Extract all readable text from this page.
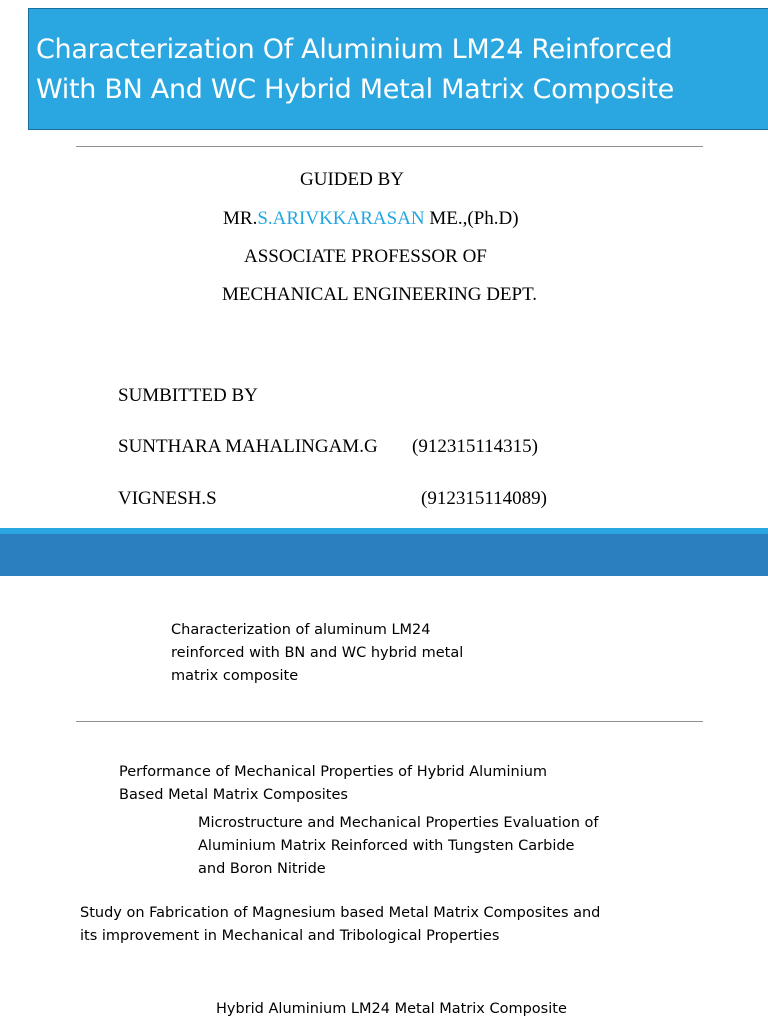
Characterization Of Aluminium LM24 Reinforced
With BN And WC Hybrid Metal Matrix Composite
GUIDED BY
MR.S.ARIVKKARASAN ME.,(Ph.D)
ASSOCIATE PROFESSOR OF
MECHANICAL ENGINEERING DEPT.
SUMBITTED BY
SUNTHARA MAHALINGAM.G (912315114315)
VIGNESH.S	(912315114089)
Characterization of aluminum LM24
reinforced with BN and WC hybrid metal
matrix composite
Performance of Mechanical Properties of Hybrid Aluminium
Based Metal Matrix Composites
Microstructure and Mechanical Properties Evaluation of
Aluminium Matrix Reinforced with Tungsten Carbide
and Boron Nitride
Study on Fabrication of Magnesium based Metal Matrix Composites and
its improvement in Mechanical and Tribological Properties
Hybrid Aluminium LM24 Metal Matrix Composite
